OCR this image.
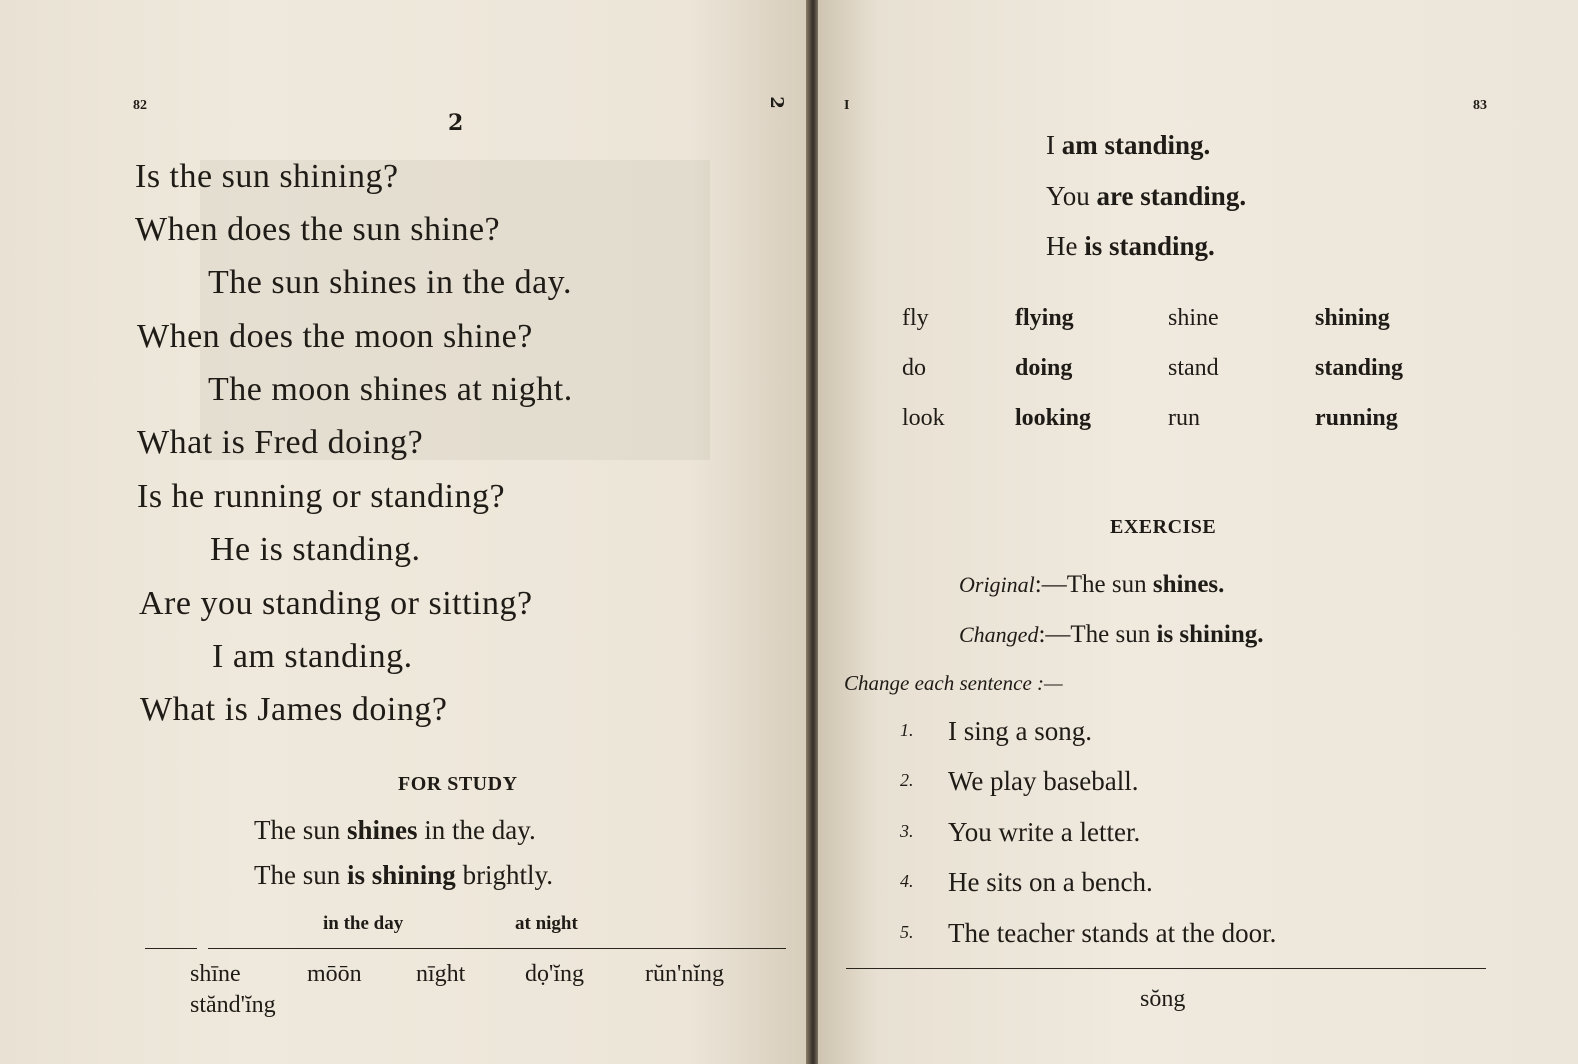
82
2
2
Is the sun shining?
When does the sun shine?
The sun shines in the day.
When does the moon shine?
The moon shines at night.
What is Fred doing?
Is he running or standing?
He is standing.
Are you standing or sitting?
I am standing.
What is James doing?
FOR STUDY
The sun shines in the day.
The sun is shining brightly.
in the day	at night
shīne	mōōn nīght dọ'ĭng	rŭn'nĭng
stănd'ĭng
I	83
I am standing.
You are standing.
He is standing.
fly	flying	shine	shining
do	doing	stand	standing
look	looking	run	running
EXERCISE
Original:—The sun shines.
Changed:—The sun is shining.
Change each sentence :—
1. I sing a song.
2. We play baseball.
3. You write a letter.
4. He sits on a bench.
5. The teacher stands at the door.
sŏng
